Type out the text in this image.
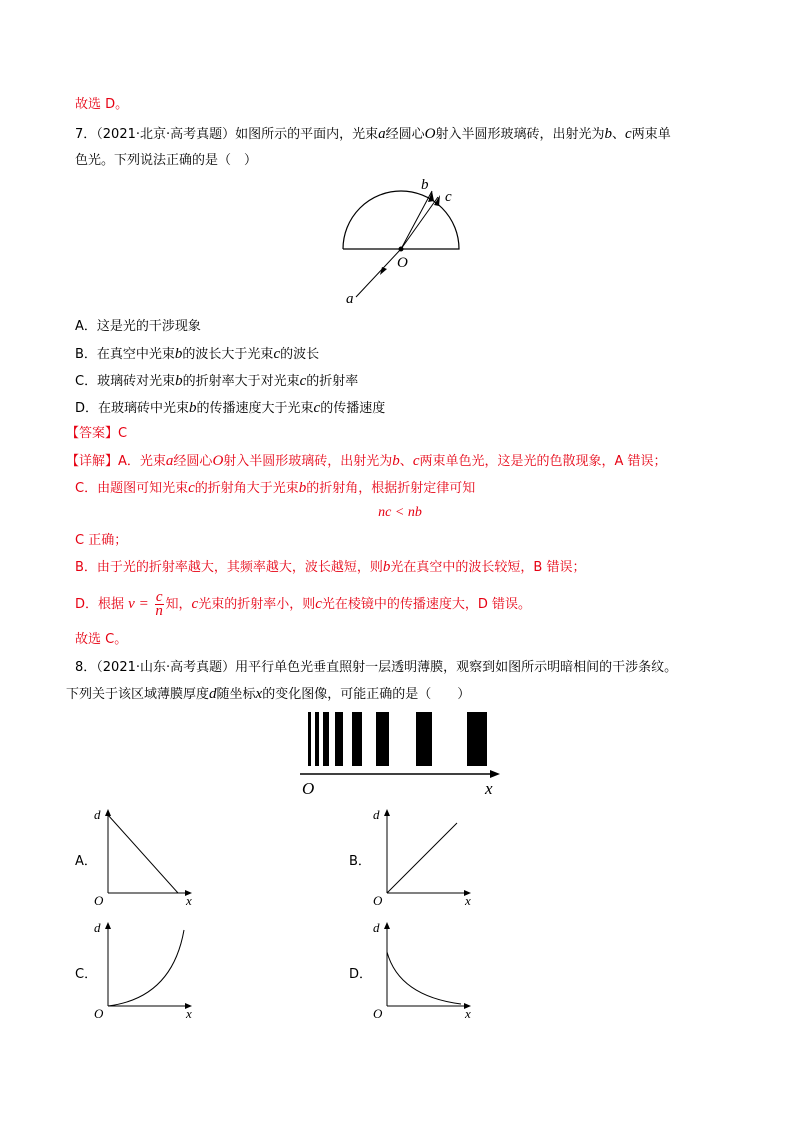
故选 D。
7．（2021·北京·高考真题）如图所示的平面内，光束a经圆心O射入半圆形玻璃砖，出射光为b、c两束单
色光。下列说法正确的是（　）
b
c
O
a
A．这是光的干涉现象
B．在真空中光束b的波长大于光束c的波长
C．玻璃砖对光束b的折射率大于对光束c的折射率
D．在玻璃砖中光束b的传播速度大于光束c的传播速度
【答案】C
【详解】A．光束a经圆心O射入半圆形玻璃砖，出射光为b、c两束单色光，这是光的色散现象，A 错误；
C．由题图可知光束c的折射角大于光束b的折射角，根据折射定律可知
nc < nb
C 正确；
B．由于光的折射率越大，其频率越大，波长越短，则b光在真空中的波长较短，B 错误；
D．根据 $v = \frac{c}{n}$ 知，c光束的折射率小，则c光在棱镜中的传播速度大，D 错误。
故选 C。
8．（2021·山东·高考真题）用平行单色光垂直照射一层透明薄膜，观察到如图所示明暗相间的干涉条纹。
下列关于该区域薄膜厚度d随坐标x的变化图像，可能正确的是（　　）
O	x
A．
d
O	x
B．
d
O	x
C．
d
O	x
D．
d
O	x
